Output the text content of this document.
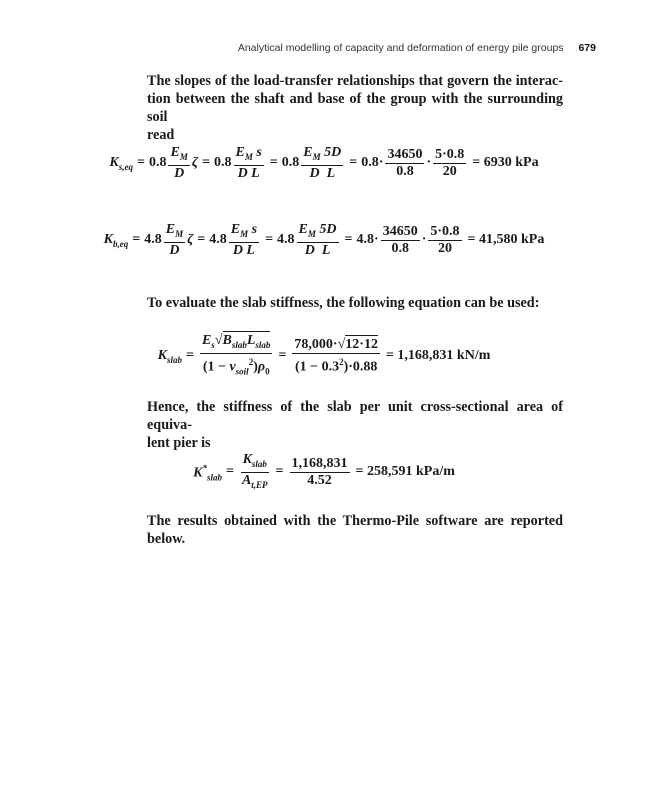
Analytical modelling of capacity and deformation of energy pile groups 679
The slopes of the load-transfer relationships that govern the interac-
tion between the shaft and base of the group with the surrounding soil
read
$K_{s,eq} = 0.8 \frac{E_M}{D}$ $\zeta = 0.8 \frac{E_M s}{\text{D L}} = 0.8 \frac{E_M 5D}{\text{D  L}} = 0.8\cdot \frac{34650}{0.8} \cdot \frac{5\cdot 0.8}{20} = 6930$ kPa
$K_{b,eq} = 4.8 \frac{E_M}{D}$ $\zeta = 4.8 \frac{E_M s}{\text{D L}} = 4.8 \frac{E_M 5D}{\text{D  L}} = 4.8\cdot \frac{34650}{0.8} \cdot \frac{5\cdot 0.8}{20} = 41,580$ kPa
To evaluate the slab stiffness, the following equation can be used:
$K_{slab} = \frac{E_s√B_{slab}L_{slab}}{(1 - \nu_{soil}^2)\rho_0} = \frac{78,000\cdot√12\cdot 12}{(1 - 0.3^2)\cdot 0.88} = 1,168,831$ kN/m
Hence, the stiffness of the slab per unit cross-sectional area of equiva-
lent pier is
$K^*_{slab} = \frac{K_{slab}}{A_{t,EP}} = \frac{1,168,831}{4.52} = 258,591$ kPa/m
The results obtained with the Thermo-Pile software are reported
below.
